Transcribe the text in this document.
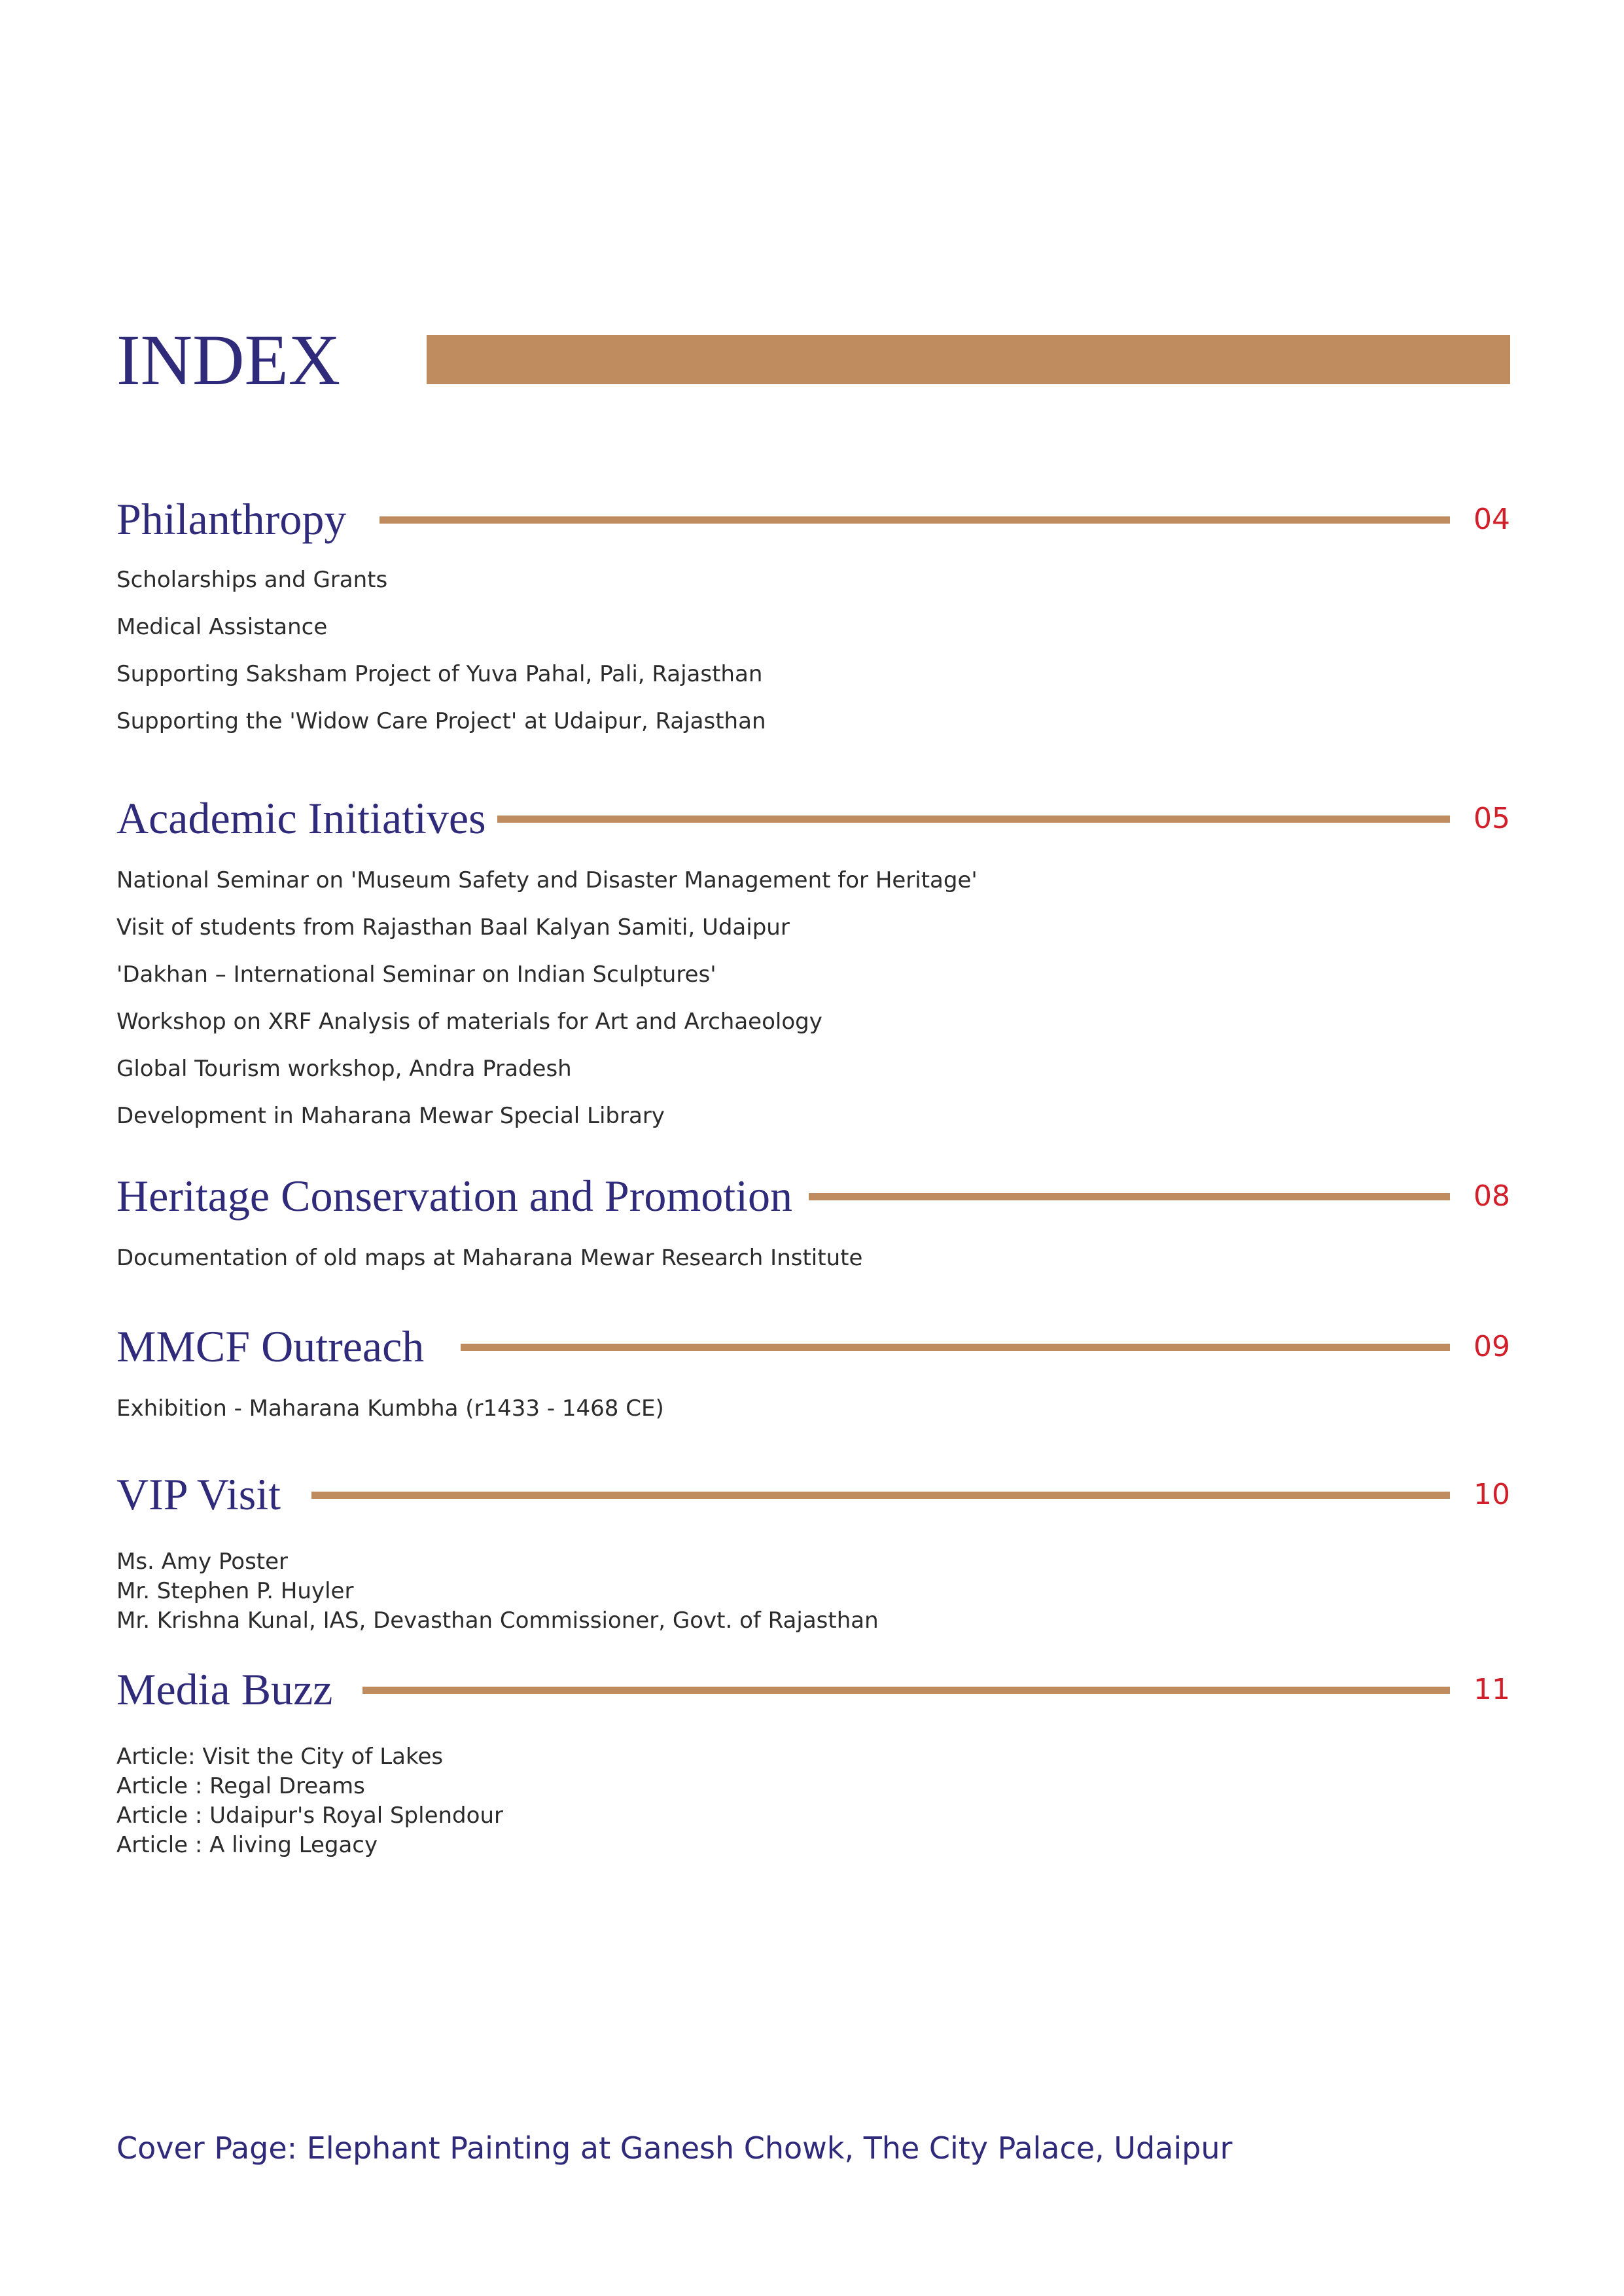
INDEX
Philanthropy	04
Scholarships and Grants
Medical Assistance
Supporting Saksham Project of Yuva Pahal, Pali, Rajasthan
Supporting the 'Widow Care Project' at Udaipur, Rajasthan
Academic Initiatives	05
National Seminar on 'Museum Safety and Disaster Management for Heritage'
Visit of students from Rajasthan Baal Kalyan Samiti, Udaipur
'Dakhan – International Seminar on Indian Sculptures'
Workshop on XRF Analysis of materials for Art and Archaeology
Global Tourism workshop, Andra Pradesh
Development in Maharana Mewar Special Library
Heritage Conservation and Promotion	08
Documentation of old maps at Maharana Mewar Research Institute
MMCF Outreach	09
Exhibition - Maharana Kumbha (r1433 - 1468 CE)
VIP Visit	10
Ms. Amy Poster
Mr. Stephen P. Huyler
Mr. Krishna Kunal, IAS, Devasthan Commissioner, Govt. of Rajasthan
Media Buzz	11
Article: Visit the City of Lakes
Article : Regal Dreams
Article : Udaipur's Royal Splendour
Article : A living Legacy
Cover Page: Elephant Painting at Ganesh Chowk, The City Palace, Udaipur
